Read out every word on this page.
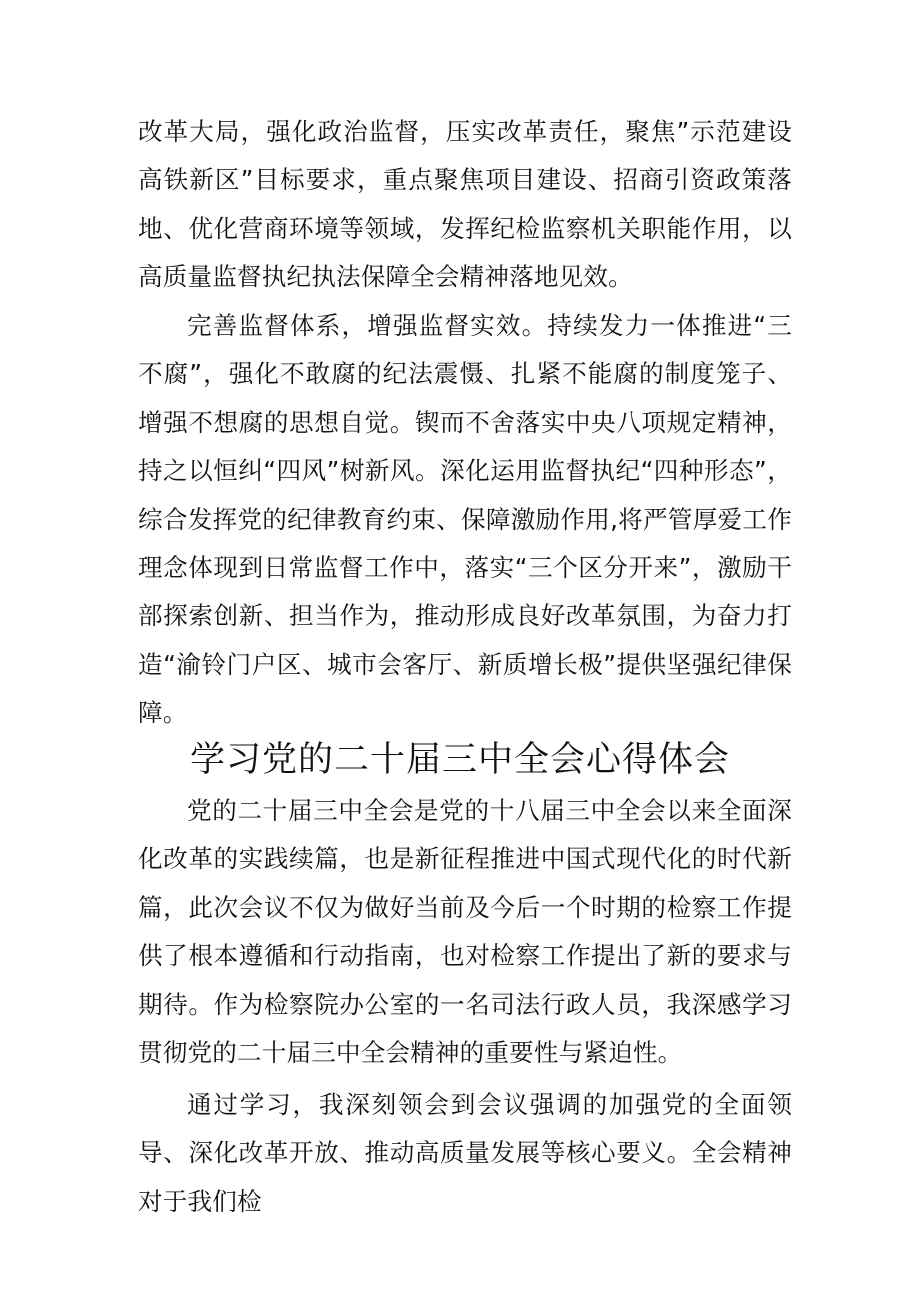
改革大局，强化政治监督，压实改革责任，聚焦”示范建设高铁新区”目标要求，重点聚焦项目建设、招商引资政策落地、优化营商环境等领域，发挥纪检监察机关职能作用，以高质量监督执纪执法保障全会精神落地见效。

完善监督体系，增强监督实效。持续发力一体推进“三不腐”，强化不敢腐的纪法震慑、扎紧不能腐的制度笼子、增强不想腐的思想自觉。锲而不舍落实中央八项规定精神，持之以恒纠“四风”树新风。深化运用监督执纪“四种形态”，综合发挥党的纪律教育约束、保障激励作用,将严管厚爱工作理念体现到日常监督工作中，落实“三个区分开来”，激励干部探索创新、担当作为，推动形成良好改革氛围，为奋力打造“渝铃门户区、城市会客厅、新质增长极”提供坚强纪律保障。

学习党的二十届三中全会心得体会

党的二十届三中全会是党的十八届三中全会以来全面深化改革的实践续篇，也是新征程推进中国式现代化的时代新篇，此次会议不仅为做好当前及今后一个时期的检察工作提供了根本遵循和行动指南，也对检察工作提出了新的要求与期待。作为检察院办公室的一名司法行政人员，我深感学习贯彻党的二十届三中全会精神的重要性与紧迫性。

通过学习，我深刻领会到会议强调的加强党的全面领导、深化改革开放、推动高质量发展等核心要义。全会精神对于我们检
